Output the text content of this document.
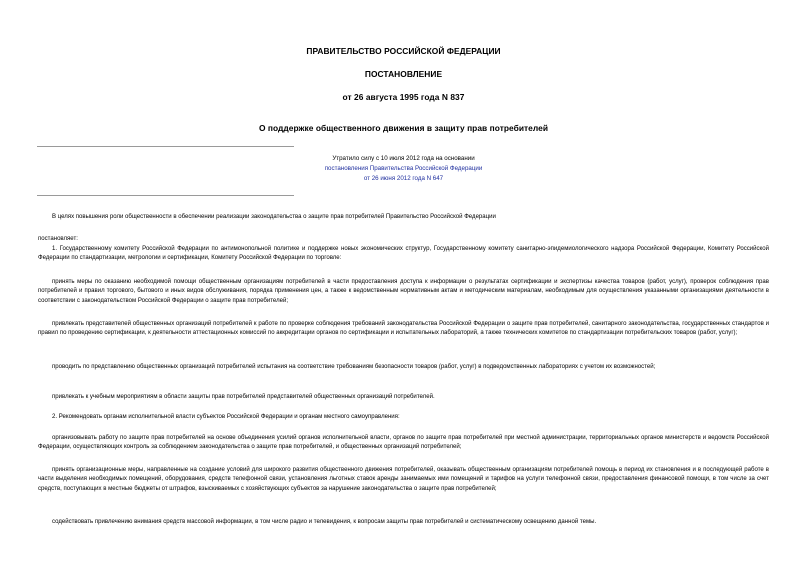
ПРАВИТЕЛЬСТВО РОССИЙСКОЙ ФЕДЕРАЦИИ
ПОСТАНОВЛЕНИЕ
от 26 августа 1995 года N 837
О поддержке общественного движения в защиту прав потребителей
Утратило силу с 10 июля 2012 года на основании
постановления Правительства Российской Федерации
от 26 июня 2012 года N 647

В целях повышения роли общественности в обеспечении реализации законодательства о защите прав потребителей Правительство Российской Федерации

постановляет:

1. Государственному комитету Российской Федерации по антимонопольной политике и поддержке новых экономических структур, Государственному комитету санитарно-эпидемиологического надзора Российской Федерации, Комитету Российской Федерации по стандартизации, метрологии и сертификации, Комитету Российской Федерации по торговле:

принять меры по оказанию необходимой помощи общественным организациям потребителей в части предоставления доступа к информации о результатах сертификации и экспертизы качества товаров (работ, услуг), проверок соблюдения прав потребителей и правил торгового, бытового и иных видов обслуживания, порядка применения цен, а также к ведомственным нормативным актам и методическим материалам, необходимым для осуществления указанными организациями деятельности в соответствии с законодательством Российской Федерации о защите прав потребителей;

привлекать представителей общественных организаций потребителей к работе по проверке соблюдения требований законодательства Российской Федерации о защите прав потребителей, санитарного законодательства, государственных стандартов и правил по проведению сертификации, к деятельности аттестационных комиссий по аккредитации органов по сертификации и испытательных лабораторий, а также технических комитетов по стандартизации потребительских товаров (работ, услуг);

проводить по представлению общественных организаций потребителей испытания на соответствие требованиям безопасности товаров (работ, услуг) в подведомственных лабораториях с учетом их возможностей;

привлекать к учебным мероприятиям в области защиты прав потребителей представителей общественных организаций потребителей.

2. Рекомендовать органам исполнительной власти субъектов Российской Федерации и органам местного самоуправления:

организовывать работу по защите прав потребителей на основе объединения усилий органов исполнительной власти, органов по защите прав потребителей при местной администрации, территориальных органов министерств и ведомств Российской Федерации, осуществляющих контроль за соблюдением законодательства о защите прав потребителей, и общественных организаций потребителей;

принять организационные меры, направленные на создание условий для широкого развития общественного движения потребителей, оказывать общественным организациям потребителей помощь в период их становления и в последующей работе в части выделения необходимых помещений, оборудования, средств телефонной связи, установления льготных ставок аренды занимаемых ими помещений и тарифов на услуги телефонной связи, предоставления финансовой помощи, в том числе за счет средств, поступающих в местные бюджеты от штрафов, взыскиваемых с хозяйствующих субъектов за нарушение законодательства о защите прав потребителей;

содействовать привлечению внимания средств массовой информации, в том числе радио и телевидения, к вопросам защиты прав потребителей и систематическому освещению данной темы.
